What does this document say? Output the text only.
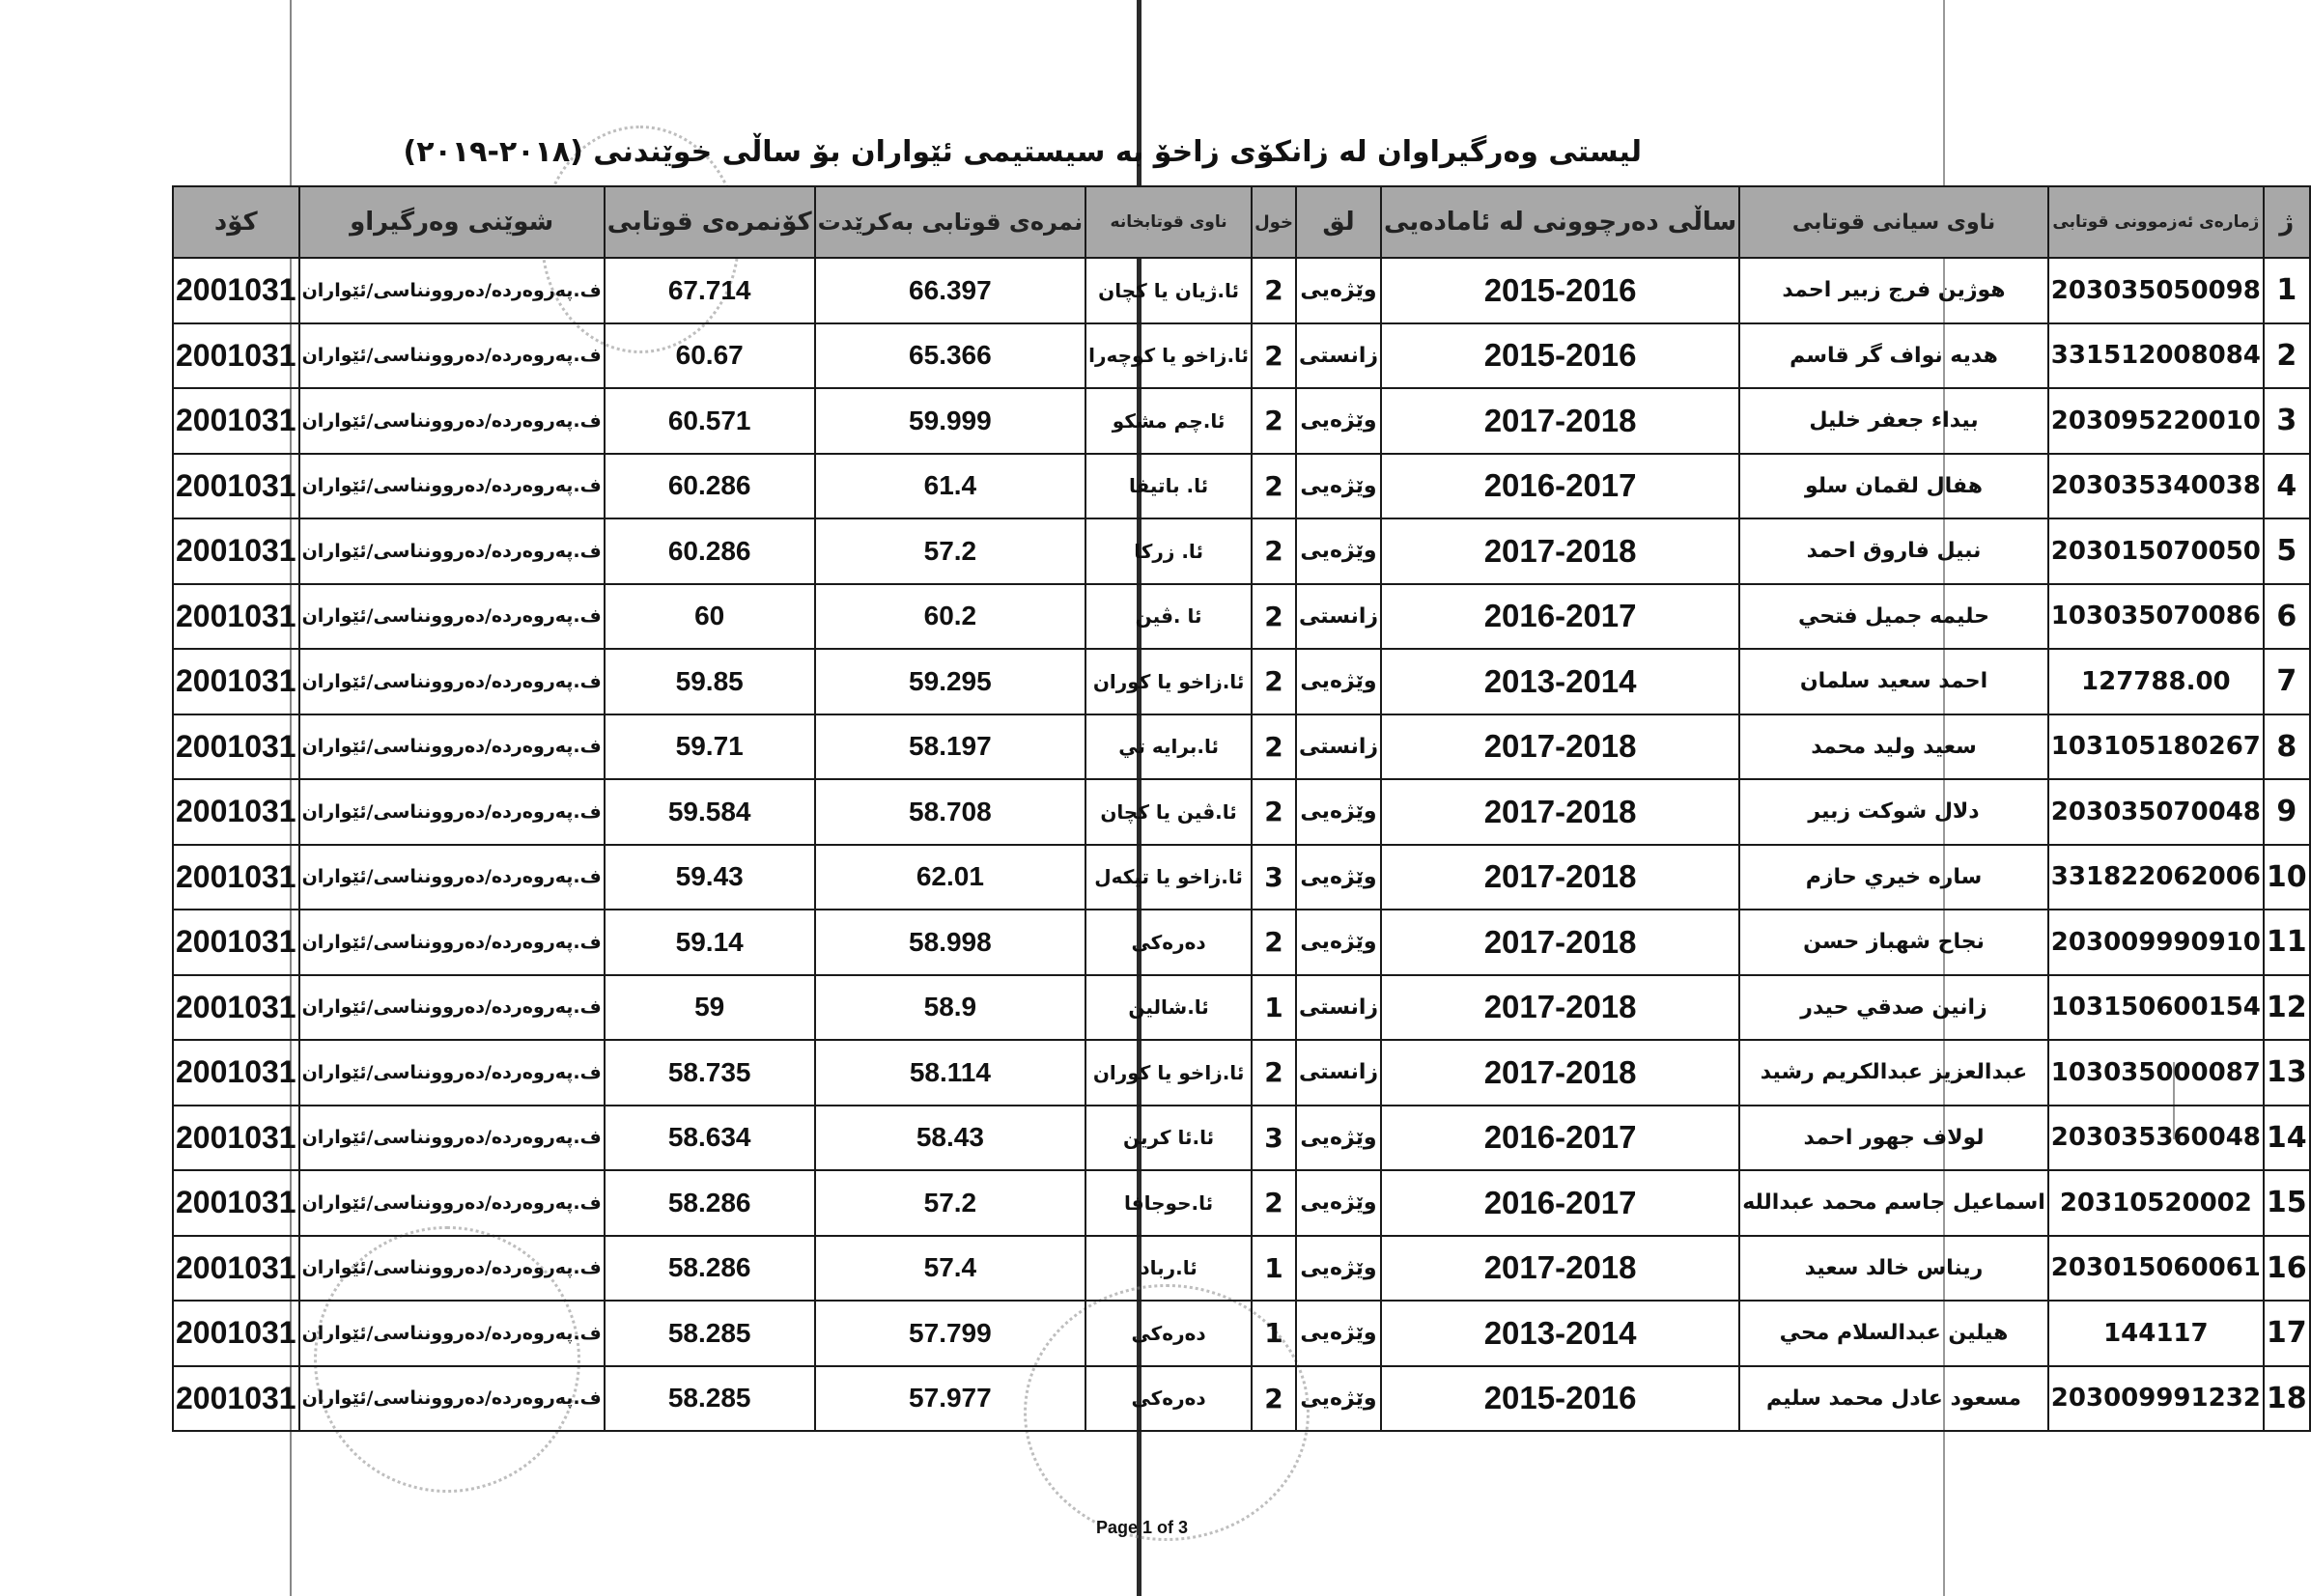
لیستی وەرگیراوان لە زانکۆی زاخۆ بە سیستیمی ئێواران بۆ ساڵی خوێندنی (٢٠١٨-٢٠١٩)
ژ	ژمارەی ئەزموونی قوتابی	ناوی سیانی قوتابی	ساڵی دەرچوونی لە ئامادەیی	لق	خول	ناوی قوتابخانە	نمرەی قوتابی بەکرێدت	کۆنمرەی قوتابی	شوێنی وەرگیراو	کۆد
1	203035050098	هوژین فرج زبير احمد	2015-2016	وێژەیی	2	ئا.ژیان یا کچان	66.397	67.714	ف.پەروەردە/دەروونناسی/ئێواران	2001031
2	331512008084	هديه نواف گر قاسم	2015-2016	زانستی	2	ئا.زاخو یا کوچەرا	65.366	60.67	ف.پەروەردە/دەروونناسی/ئێواران	2001031
3	203095220010	بيداء جعفر خليل	2017-2018	وێژەیی	2	ئا.چم مشکو	59.999	60.571	ف.پەروەردە/دەروونناسی/ئێواران	2001031
4	203035340038	هفال لقمان سلو	2016-2017	وێژەیی	2	ئا. باتيفا	61.4	60.286	ف.پەروەردە/دەروونناسی/ئێواران	2001031
5	203015070050	نبيل فاروق احمد	2017-2018	وێژەیی	2	ئا. زرکا	57.2	60.286	ف.پەروەردە/دەروونناسی/ئێواران	2001031
6	103035070086	حليمه جميل فتحي	2016-2017	زانستی	2	ئا .ڤين	60.2	60	ف.پەروەردە/دەروونناسی/ئێواران	2001031
7	127788.00	احمد سعيد سلمان	2013-2014	وێژەیی	2	ئا.زاخو یا کوران	59.295	59.85	ف.پەروەردە/دەروونناسی/ئێواران	2001031
8	103105180267	سعيد وليد محمد	2017-2018	زانستی	2	ئا.برایه تي	58.197	59.71	ف.پەروەردە/دەروونناسی/ئێواران	2001031
9	203035070048	دلال شوكت زبير	2017-2018	وێژەیی	2	ئا.ڤين یا کچان	58.708	59.584	ف.پەروەردە/دەروونناسی/ئێواران	2001031
10	331822062006	ساره خيري حازم	2017-2018	وێژەیی	3	ئا.زاخو یا تیکەل	62.01	59.43	ف.پەروەردە/دەروونناسی/ئێواران	2001031
11	203009990910	نجاح شهباز حسن	2017-2018	وێژەیی	2	دەرەکی	58.998	59.14	ف.پەروەردە/دەروونناسی/ئێواران	2001031
12	103150600154	زانين صدقي حيدر	2017-2018	زانستی	1	ئا.شالين	58.9	59	ف.پەروەردە/دەروونناسی/ئێواران	2001031
13	103035000087	عبدالعزيز عبدالكريم رشيد	2017-2018	زانستی	2	ئا.زاخو یا کوران	58.114	58.735	ف.پەروەردە/دەروونناسی/ئێواران	2001031
14	203035360048	لولاف جهور احمد	2016-2017	وێژەیی	3	ئا.ئا کرين	58.43	58.634	ف.پەروەردە/دەروونناسی/ئێواران	2001031
15	20310520002	اسماعيل جاسم محمد عبدالله	2016-2017	وێژەیی	2	ئا.حوجافا	57.2	58.286	ف.پەروەردە/دەروونناسی/ئێواران	2001031
16	203015060061	ريناس خالد سعيد	2017-2018	وێژەیی	1	ئا.رباد	57.4	58.286	ف.پەروەردە/دەروونناسی/ئێواران	2001031
17	144117	هيلين عبدالسلام محي	2013-2014	وێژەیی	1	دەرەکی	57.799	58.285	ف.پەروەردە/دەروونناسی/ئێواران	2001031
18	203009991232	مسعود عادل محمد سليم	2015-2016	وێژەیی	2	دەرەکی	57.977	58.285	ف.پەروەردە/دەروونناسی/ئێواران	2001031
Page 1 of 3
